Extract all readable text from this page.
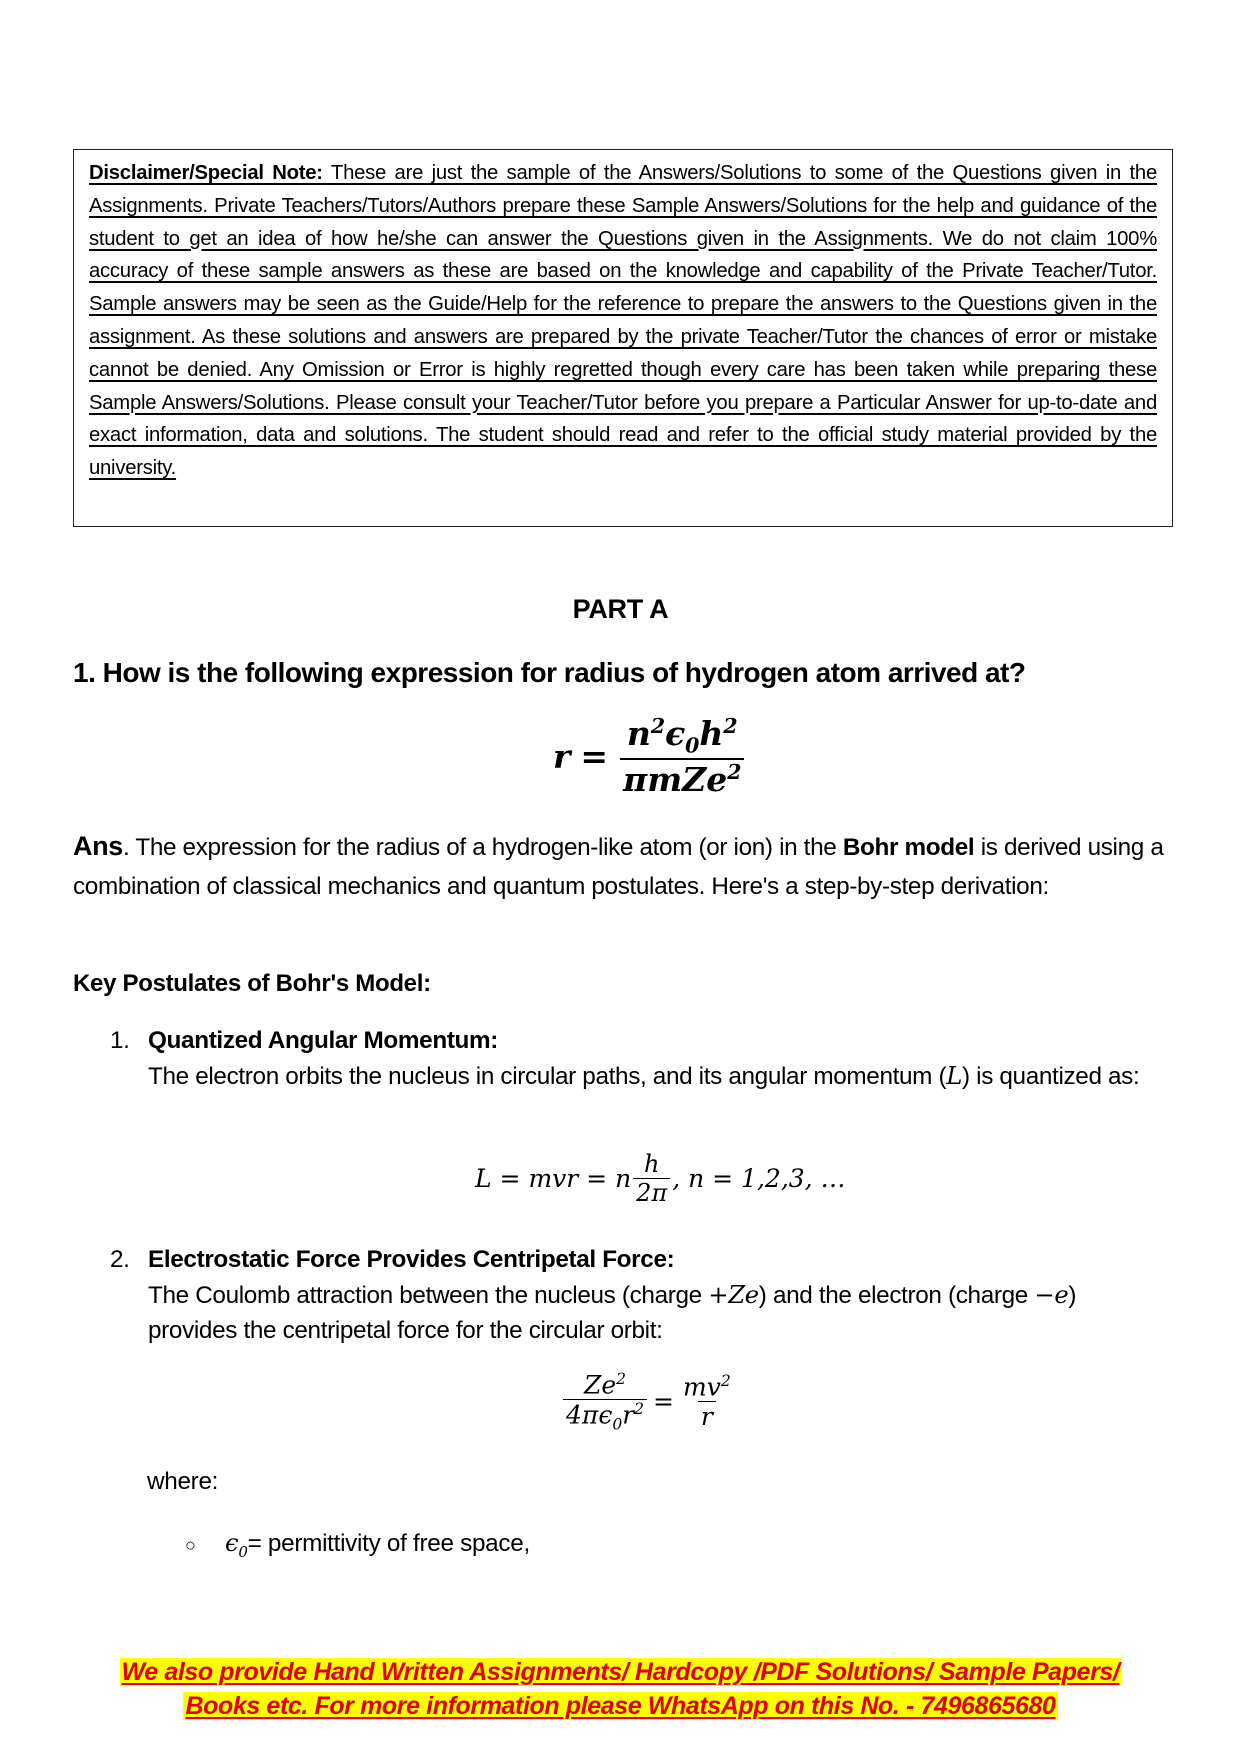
Disclaimer/Special Note: These are just the sample of the Answers/Solutions to some of the Questions given in the Assignments. Private Teachers/Tutors/Authors prepare these Sample Answers/Solutions for the help and guidance of the student to get an idea of how he/she can answer the Questions given in the Assignments. We do not claim 100% accuracy of these sample answers as these are based on the knowledge and capability of the Private Teacher/Tutor. Sample answers may be seen as the Guide/Help for the reference to prepare the answers to the Questions given in the assignment. As these solutions and answers are prepared by the private Teacher/Tutor the chances of error or mistake cannot be denied. Any Omission or Error is highly regretted though every care has been taken while preparing these Sample Answers/Solutions. Please consult your Teacher/Tutor before you prepare a Particular Answer for up-to-date and exact information, data and solutions. The student should read and refer to the official study material provided by the university.

PART A
1. How is the following expression for radius of hydrogen atom arrived at?
$r = \frac{n^2\epsilon_0h^2}{\pi mZe^2}$

Ans. The expression for the radius of a hydrogen-like atom (or ion) in the Bohr model is derived using a combination of classical mechanics and quantum postulates. Here's a step-by-step derivation:

Key Postulates of Bohr's Model:
1. Quantized Angular Momentum:
The electron orbits the nucleus in circular paths, and its angular momentum (L) is quantized as:
L = mvr = n $\frac{h}{2\pi}$ , n = 1,2,3, …
2. Electrostatic Force Provides Centripetal Force:
The Coulomb attraction between the nucleus (charge +Ze) and the electron (charge −e) provides the centripetal force for the circular orbit:
$\frac{Ze^2}{4\pi\epsilon_0r^2} = \frac{mv^2}{r}$
where:
○	$\epsilon_0$ = permittivity of free space,
We also provide Hand Written Assignments/ Hardcopy /PDF Solutions/ Sample Papers/
Books etc. For more information please WhatsApp on this No. - 7496865680
